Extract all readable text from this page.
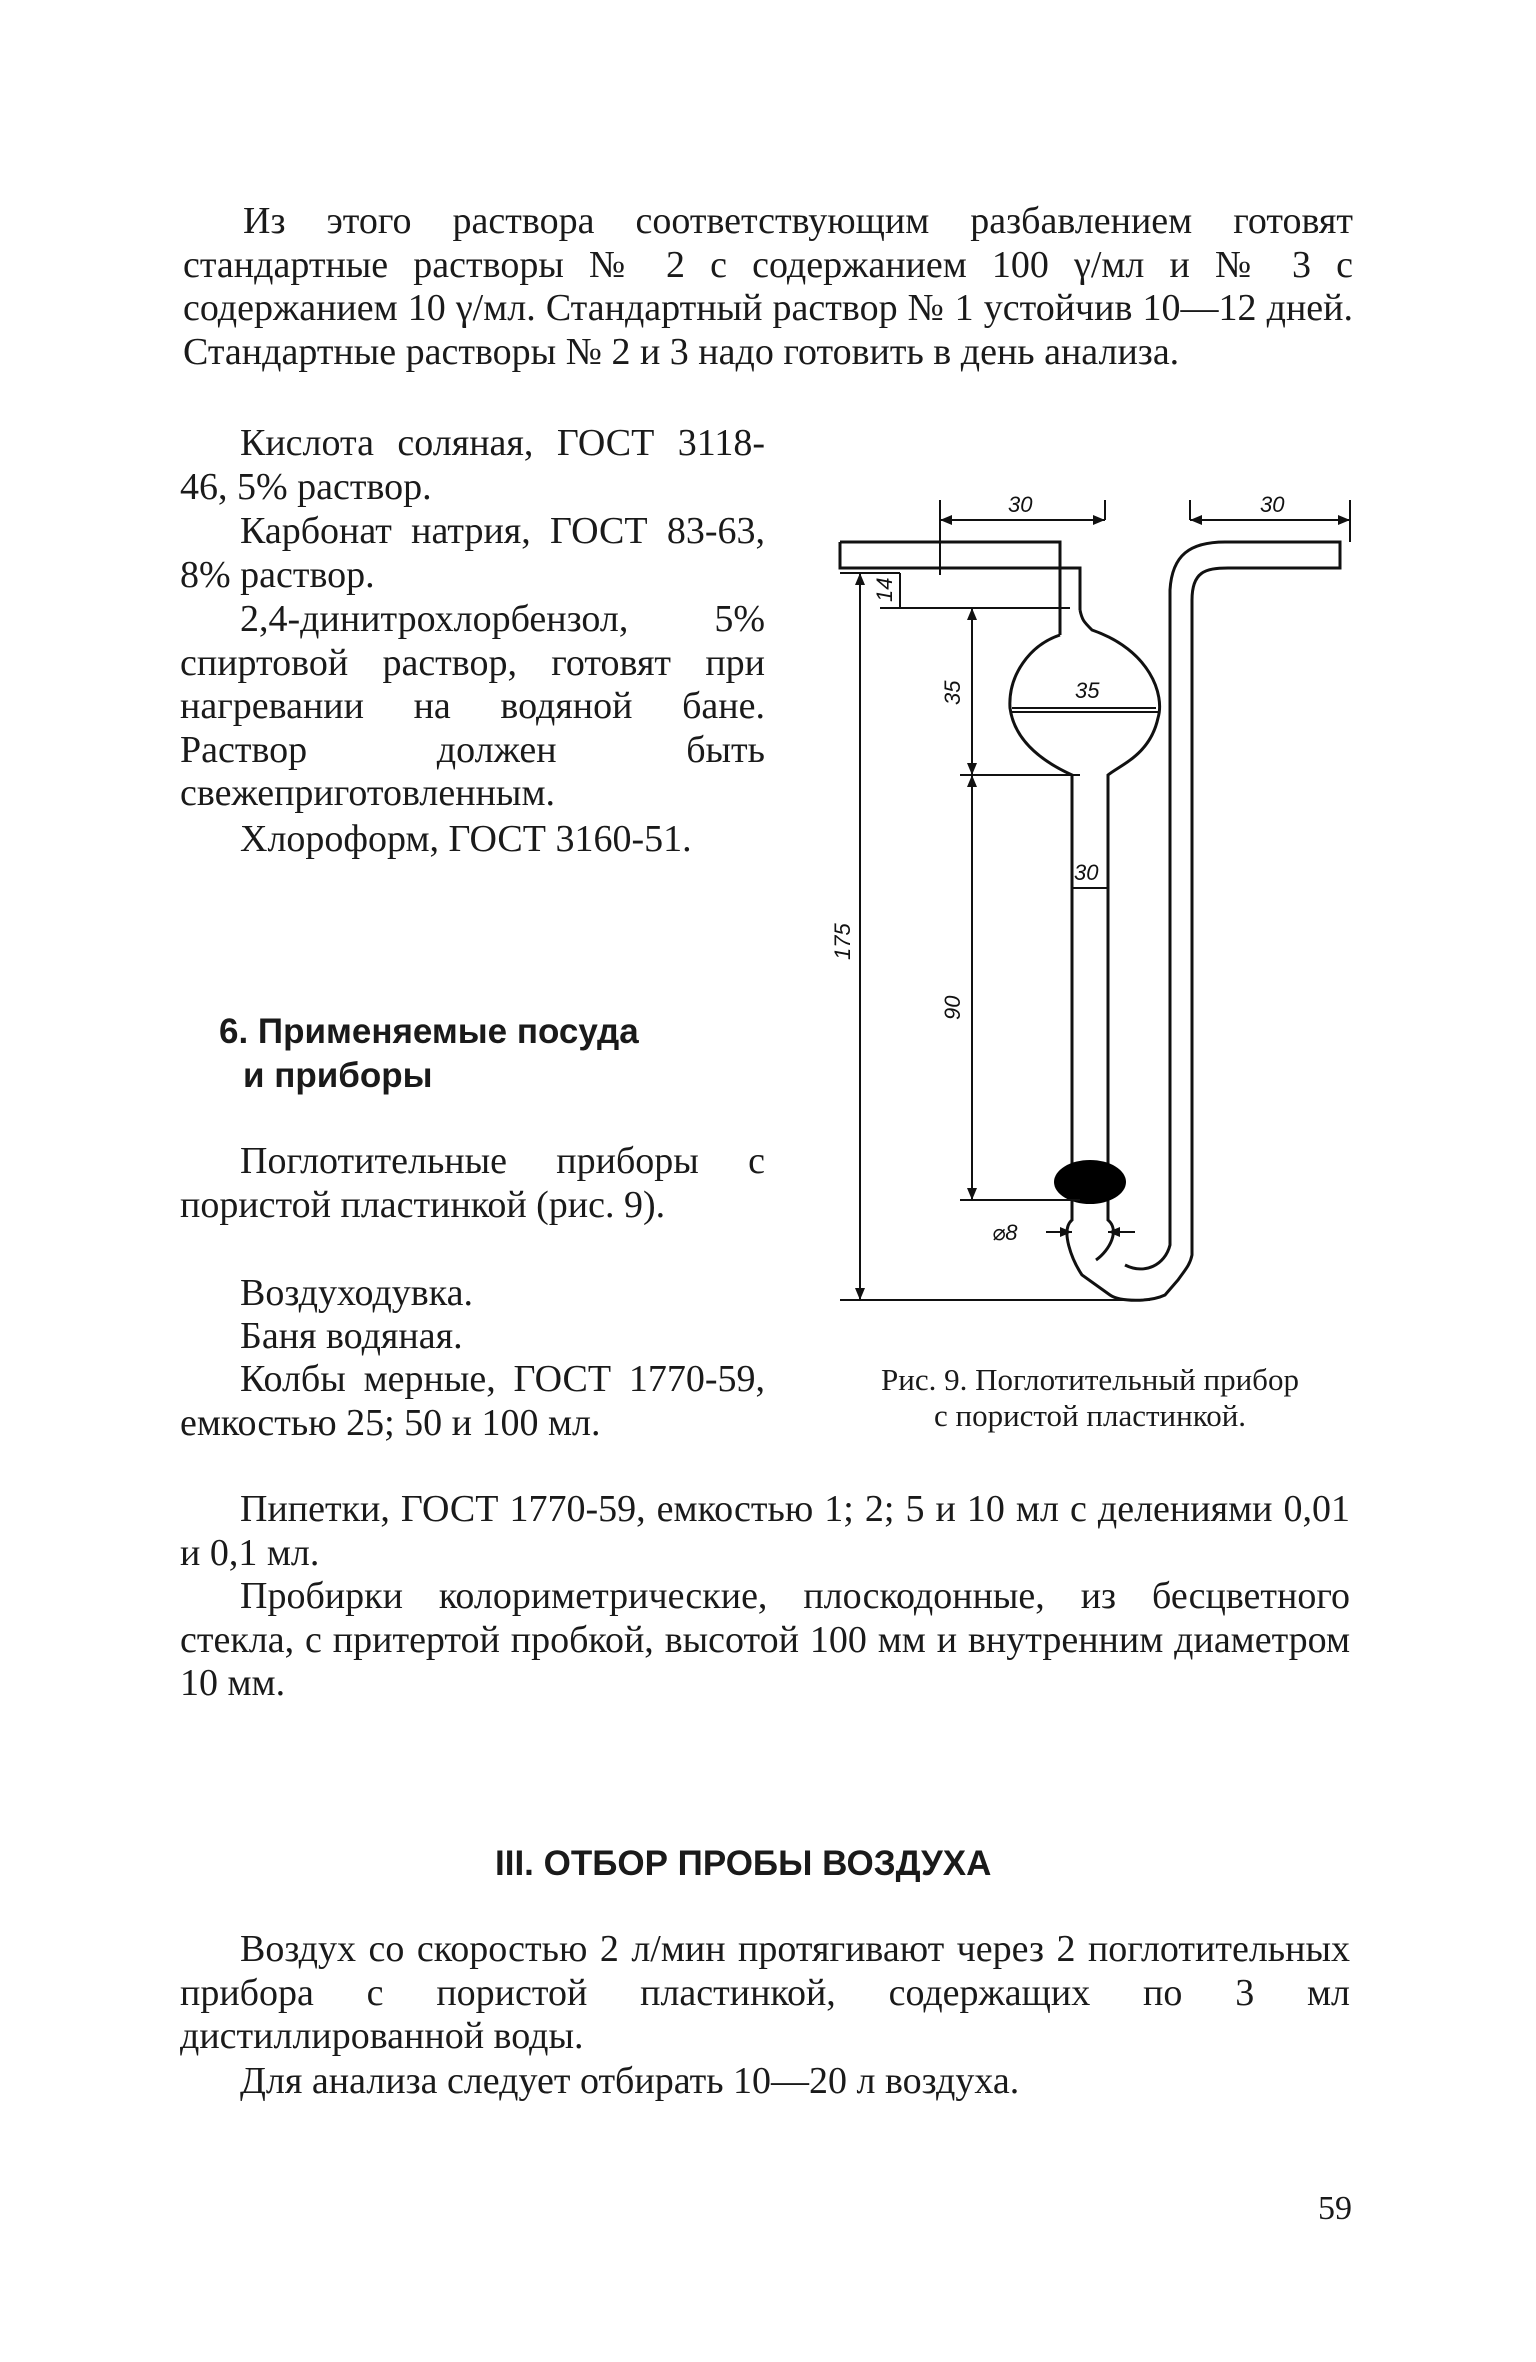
Из этого раствора соответствующим разбавлением готовят стандартные растворы № 2 с содержанием 100 γ/мл и № 3 с содержанием 10 γ/мл. Стандартный раствор № 1 устойчив 10—12 дней. Стандартные растворы № 2 и 3 надо готовить в день анализа.

Кислота соляная, ГОСТ 3118-46, 5% раствор.

Карбонат натрия, ГОСТ 83-63, 8% раствор.

2,4-динитрохлорбензол, 5% спиртовой раствор, готовят при нагревании на водяной бане. Раствор должен быть свежеприготовленным.

Хлороформ, ГОСТ 3160-51.

6. Применяемые посуда
и приборы

Поглотительные приборы с пористой пластинкой (рис. 9).

Воздуходувка.

Баня водяная.

Колбы мерные, ГОСТ 1770-59, емкостью 25; 50 и 100 мл.

Пипетки, ГОСТ 1770-59, емкостью 1; 2; 5 и 10 мл с делениями 0,01 и 0,1 мл.

Пробирки колориметрические, плоскодонные, из бесцветного стекла, с притертой пробкой, высотой 100 мм и внутренним диаметром 10 мм.

30	30
14
35	35
30
90
175
⌀8

Рис. 9. Поглотительный прибор
с пористой пластинкой.

III. ОТБОР ПРОБЫ ВОЗДУХА

Воздух со скоростью 2 л/мин протягивают через 2 поглотительных прибора с пористой пластинкой, содержащих по 3 мл дистиллированной воды.

Для анализа следует отбирать 10—20 л воздуха.

59
